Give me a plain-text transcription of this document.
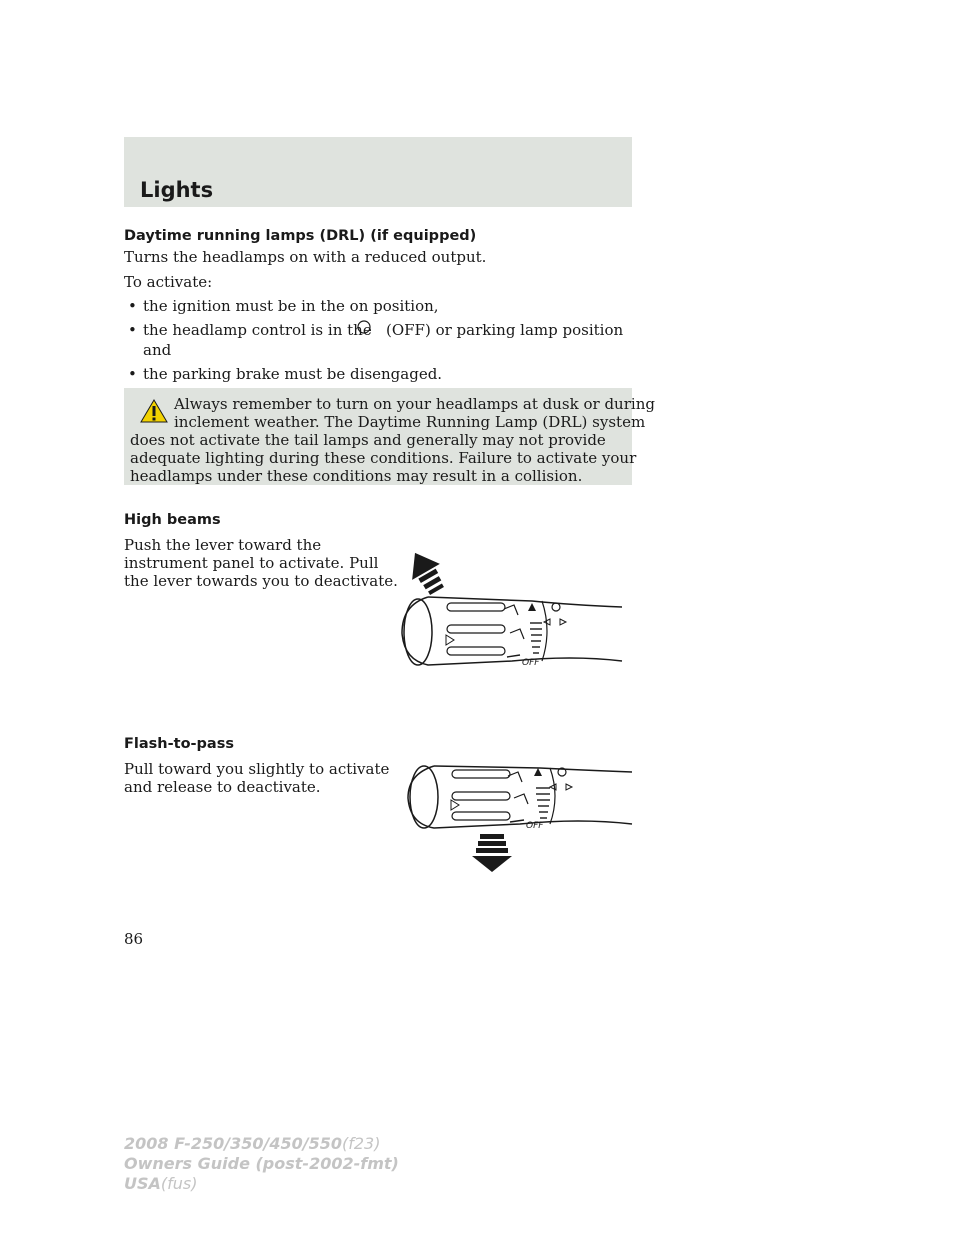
Lights
Daytime running lamps (DRL) (if equipped)
Turns the headlamps on with a reduced output.
To activate:
• the ignition must be in the on position,
• the headlamp control is in the (OFF) or parking lamp position
and
• the parking brake must be disengaged.
Always remember to turn on your headlamps at dusk or during
inclement weather. The Daytime Running Lamp (DRL) system
does not activate the tail lamps and generally may not provide
adequate lighting during these conditions. Failure to activate your
headlamps under these conditions may result in a collision.
High beams
Push the lever toward the
instrument panel to activate. Pull
the lever towards you to deactivate.
OFF
Flash-to-pass
Pull toward you slightly to activate
and release to deactivate.
OFF
86
2008 F-250/350/450/550(f23)
Owners Guide (post-2002-fmt)
USA(fus)
